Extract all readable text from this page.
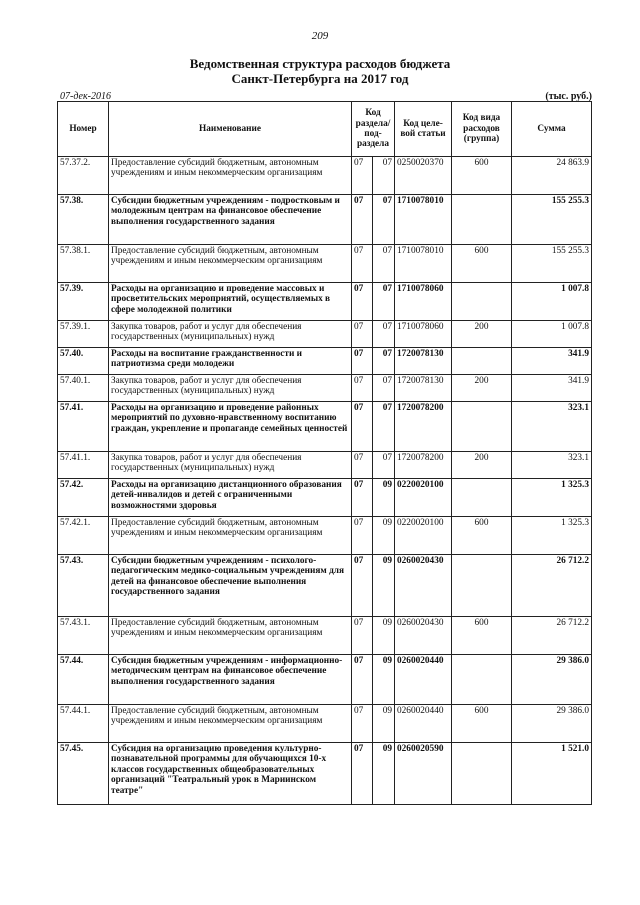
209
Ведомственная структура расходов бюджета
Санкт-Петербурга на 2017 год
07-дек-2016	(тыс. руб.)
Номер	Наименование	Код раздела/ под- раздела		Код целе- вой статьи	Код вида расходов (группа)	Сумма
57.37.2.	Предоставление субсидий бюджетным, автономным учреждениям и иным некоммерческим организациям	07	07	0250020370	600	24 863.9
57.38.	Субсидии бюджетным учреждениям - подростковым и молодежным центрам на финансовое обеспечение выполнения государственного задания	07	07	1710078010		155 255.3
57.38.1.	Предоставление субсидий бюджетным, автономным учреждениям и иным некоммерческим организациям	07	07	1710078010	600	155 255.3
57.39.	Расходы на организацию и проведение массовых и просветительских мероприятий, осуществляемых в сфере молодежной политики	07	07	1710078060		1 007.8
57.39.1.	Закупка товаров, работ и услуг для обеспечения государственных (муниципальных) нужд	07	07	1710078060	200	1 007.8
57.40.	Расходы на воспитание гражданственности и патриотизма среди молодежи	07	07	1720078130		341.9
57.40.1.	Закупка товаров, работ и услуг для обеспечения государственных (муниципальных) нужд	07	07	1720078130	200	341.9
57.41.	Расходы на организацию и проведение районных мероприятий по духовно-нравственному воспитанию граждан, укрепление и пропаганде семейных ценностей	07	07	1720078200		323.1
57.41.1.	Закупка товаров, работ и услуг для обеспечения государственных (муниципальных) нужд	07	07	1720078200	200	323.1
57.42.	Расходы на организацию дистанционного образования детей-инвалидов и детей с ограниченными возможностями здоровья	07	09	0220020100		1 325.3
57.42.1.	Предоставление субсидий бюджетным, автономным учреждениям и иным некоммерческим организациям	07	09	0220020100	600	1 325.3
57.43.	Субсидии бюджетным учреждениям - психолого-педагогическим медико-социальным учреждениям для детей на финансовое обеспечение выполнения государственного задания	07	09	0260020430		26 712.2
57.43.1.	Предоставление субсидий бюджетным, автономным учреждениям и иным некоммерческим организациям	07	09	0260020430	600	26 712.2
57.44.	Субсидия бюджетным учреждениям - информационно-методическим центрам на финансовое обеспечение выполнения государственного задания	07	09	0260020440		29 386.0
57.44.1.	Предоставление субсидий бюджетным, автономным учреждениям и иным некоммерческим организациям	07	09	0260020440	600	29 386.0
57.45.	Субсидия на организацию проведения культурно-познавательной программы для обучающихся 10-х классов государственных общеобразовательных организаций "Театральный урок в Мариинском театре"	07	09	0260020590		1 521.0
